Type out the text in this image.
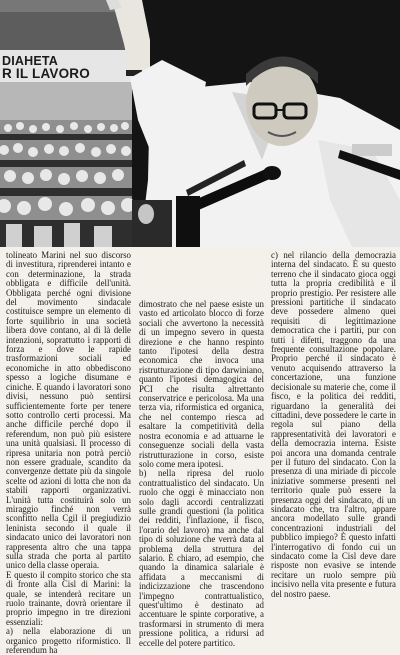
DIAHETA
R IL LAVORO

tolineato Marini nel suo discorso di investitura, riprenderei intanto e con determinazione, la strada obbligata e difficile dell'unità. Obbligata perché ogni divisione del movimento sindacale costituisce sempre un elemento di forte squilibrio in una società libera dove contano, al di là delle intenzioni, soprattutto i rapporti di forza e dove le rapide trasformazioni sociali ed economiche in atto obbediscono spesso a logiche disumane e ciniche. E quando i lavoratori sono divisi, nessuno può sentirsi sufficientemente forte per tenere sotto controllo certi processi. Ma anche difficile perché dopo il referendum, non può più esistere una unità qualsiasi. Il processo di ripresa unitaria non potrà perciò non essere graduale, scandito da convergenze dettate più da singole scelte od azioni di lotta che non da stabili rapporti organizzativi. L'unità tutta costituirà solo un miraggio finché non verrà sconfitto nella Cgil il pregiudizio leninista secondo il quale il sindacato unico dei lavoratori non rappresenta altro che una tappa sulla strada che porta al partito unico della classe operaia.

E questo il compito storico che sta di fronte alla Cisl di Marini: la quale, se intenderà recitare un ruolo trainante, dovrà orientare il proprio impegno in tre direzioni essenziali:

a) nella elaborazione di un organico progetto riformistico. Il referendum ha

dimostrato che nel paese esiste un vasto ed articolato blocco di forze sociali che avvertono la necessità di un impegno severo in questa direzione e che hanno respinto tanto l'ipotesi della destra economica che invoca una ristrutturazione di tipo darwiniano, quanto l'ipotesi demagogica del PCI che risulta altrettanto conservatrice e pericolosa. Ma una terza via, riformistica ed organica, che nel contempo riesca ad esaltare la competitività della nostra economia e ad attuarne le conseguenze sociali della vasta ristrutturazione in corso, esiste solo come mera ipotesi.

b) nella ripresa del ruolo contrattualistico del sindacato. Un ruolo che oggi è minacciato non solo dagli accordi centralizzati sulle grandi questioni (la politica dei redditi, l'inflazione, il fisco, l'orario del lavoro) ma anche dal tipo di soluzione che verrà data al problema della struttura del salario. È chiaro, ad esempio, che quando la dinamica salariale è affidata a meccanismi di indicizzazione che trascendono l'impegno contrattualistico, quest'ultimo è destinato ad accentuare le spinte corporative, a trasformarsi in strumento di mera pressione politica, a ridursi ad eccelle del potere partitico.

c) nel rilancio della democrazia interna del sindacato. È su questo terreno che il sindacato gioca oggi tutta la propria credibilità e il proprio prestigio. Per resistere alle pressioni partitiche il sindacato deve possedere almeno quei requisiti di legittimazione democratica che i partiti, pur con tutti i difetti, traggono da una frequente consultazione popolare. Proprio perché il sindacato è venuto acquisendo attraverso la concertazione, una funzione decisionale su materie che, come il fisco, e la politica dei redditi, riguardano la generalità dei cittadini, deve possedere le carte in regola sul piano della rappresentatività dei lavoratori e della democrazia interna. Esiste poi ancora una domanda centrale per il futuro del sindacato. Con la presenza di una miriade di piccole iniziative sommerse presenti nel territorio quale può essere la presenza oggi del sindacato, di un sindacato che, tra l'altro, appare ancora modellato sulle grandi concentrazioni industriali del pubblico impiego? È questo infatti l'interrogativo di fondo cui un sindacato come la Cisl deve dare risposte non evasive se intende recitare un ruolo sempre più incisivo nella vita presente e futura del nostro paese.
